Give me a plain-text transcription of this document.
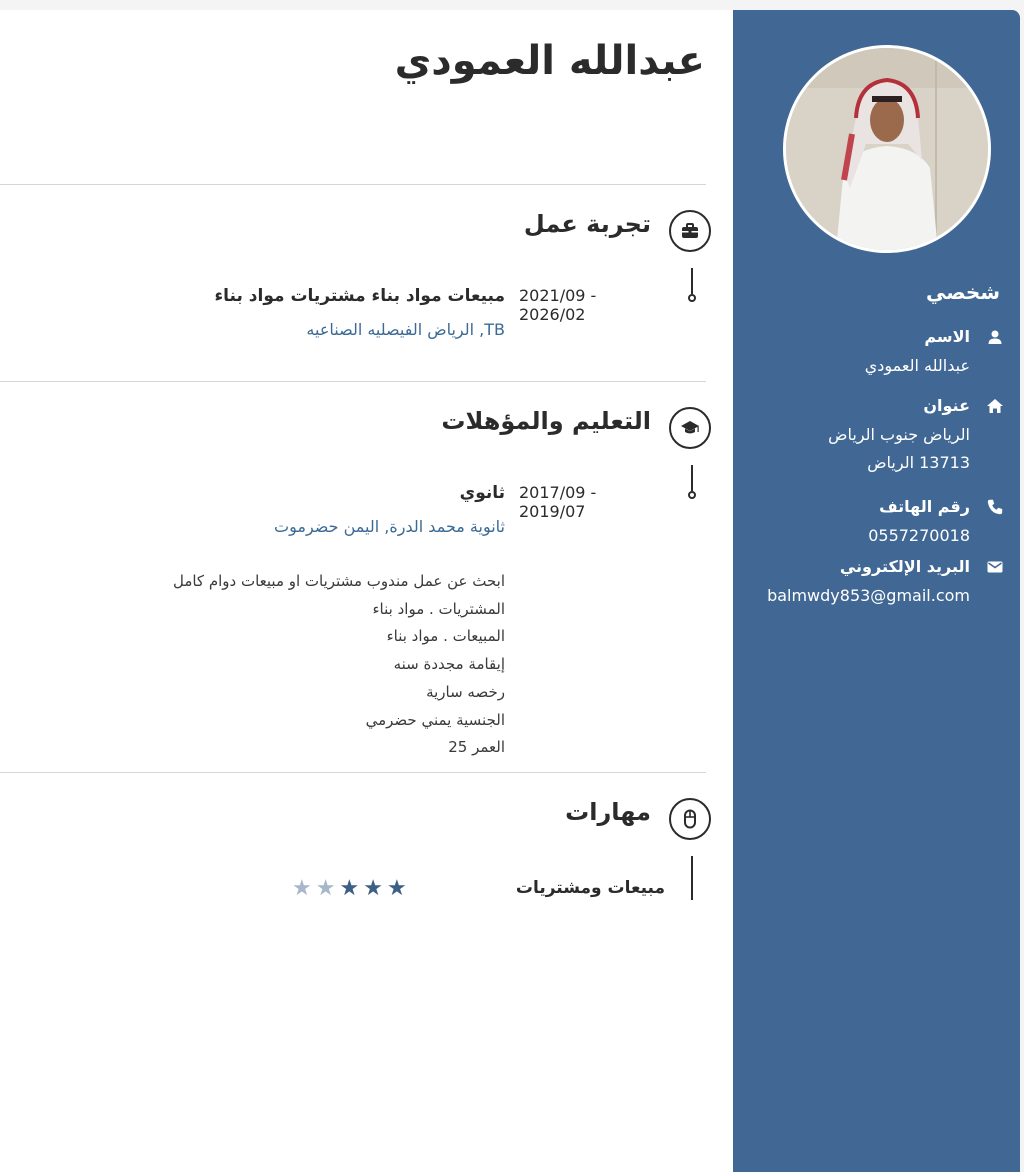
عبدالله العمودي
تجربة عمل
2021/09 - 2026/02
مبيعات مواد بناء مشتريات مواد بناء
TB, الرياض الفيصليه الصناعيه
التعليم والمؤهلات
2017/09 - 2019/07
ثانوي
ثانوية محمد الدرة, اليمن حضرموت
ابحث عن عمل مندوب مشتريات او مبيعات دوام كامل
المشتريات . مواد بناء
المبيعات . مواد بناء
إيقامة مجددة سنه
رخصه سارية
الجنسية يمني حضرمي
العمر 25
مهارات
مبيعات ومشتريات
★★★★★
شخصي
الاسم
عبدالله العمودي
عنوان
الرياض جنوب الرياض
13713 الرياض
رقم الهاتف
0557270018
البريد الإلكتروني
balmwdy853@gmail.com
